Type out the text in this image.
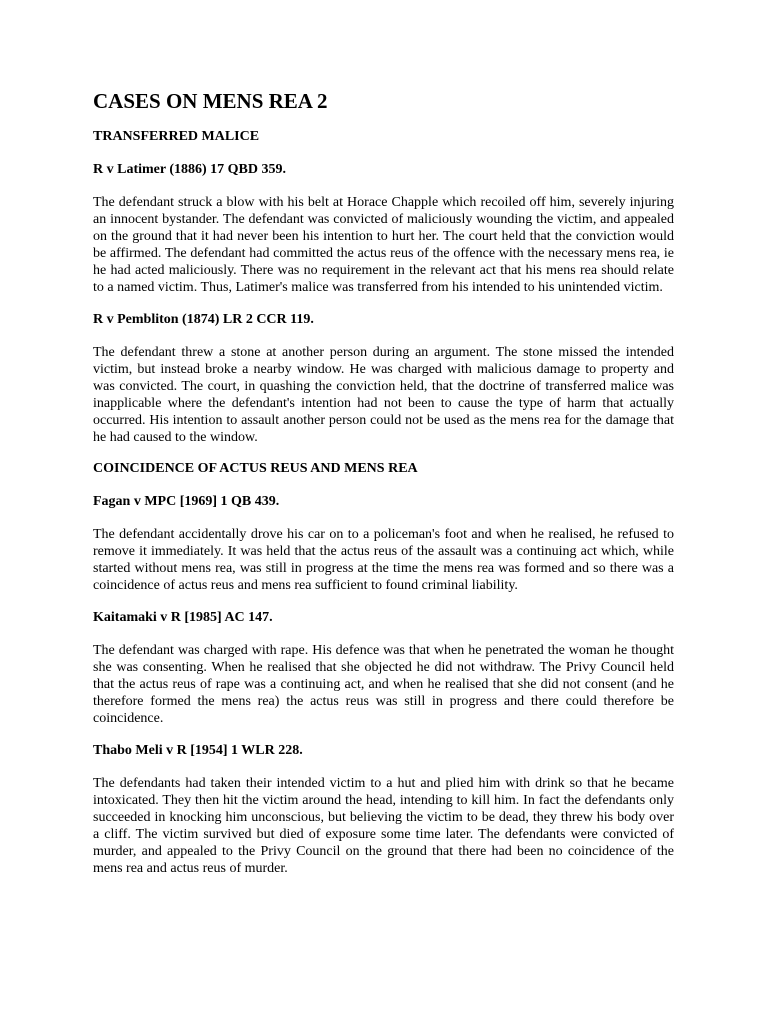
CASES ON MENS REA 2
TRANSFERRED MALICE
R v Latimer (1886) 17 QBD 359.

The defendant struck a blow with his belt at Horace Chapple which recoiled off him, severely injuring an innocent bystander. The defendant was convicted of maliciously wounding the victim, and appealed on the ground that it had never been his intention to hurt her. The court held that the conviction would be affirmed. The defendant had committed the actus reus of the offence with the necessary mens rea, ie he had acted maliciously. There was no requirement in the relevant act that his mens rea should relate to a named victim. Thus, Latimer's malice was transferred from his intended to his unintended victim.

R v Pembliton (1874) LR 2 CCR 119.

The defendant threw a stone at another person during an argument. The stone missed the intended victim, but instead broke a nearby window. He was charged with malicious damage to property and was convicted. The court, in quashing the conviction held, that the doctrine of transferred malice was inapplicable where the defendant's intention had not been to cause the type of harm that actually occurred. His intention to assault another person could not be used as the mens rea for the damage that he had caused to the window.

COINCIDENCE OF ACTUS REUS AND MENS REA
Fagan v MPC [1969] 1 QB 439.

The defendant accidentally drove his car on to a policeman's foot and when he realised, he refused to remove it immediately. It was held that the actus reus of the assault was a continuing act which, while started without mens rea, was still in progress at the time the mens rea was formed and so there was a coincidence of actus reus and mens rea sufficient to found criminal liability.

Kaitamaki v R [1985] AC 147.

The defendant was charged with rape. His defence was that when he penetrated the woman he thought she was consenting. When he realised that she objected he did not withdraw. The Privy Council held that the actus reus of rape was a continuing act, and when he realised that she did not consent (and he therefore formed the mens rea) the actus reus was still in progress and there could therefore be coincidence.

Thabo Meli v R [1954] 1 WLR 228.

The defendants had taken their intended victim to a hut and plied him with drink so that he became intoxicated. They then hit the victim around the head, intending to kill him. In fact the defendants only succeeded in knocking him unconscious, but believing the victim to be dead, they threw his body over a cliff. The victim survived but died of exposure some time later. The defendants were convicted of murder, and appealed to the Privy Council on the ground that there had been no coincidence of the mens rea and actus reus of murder.
